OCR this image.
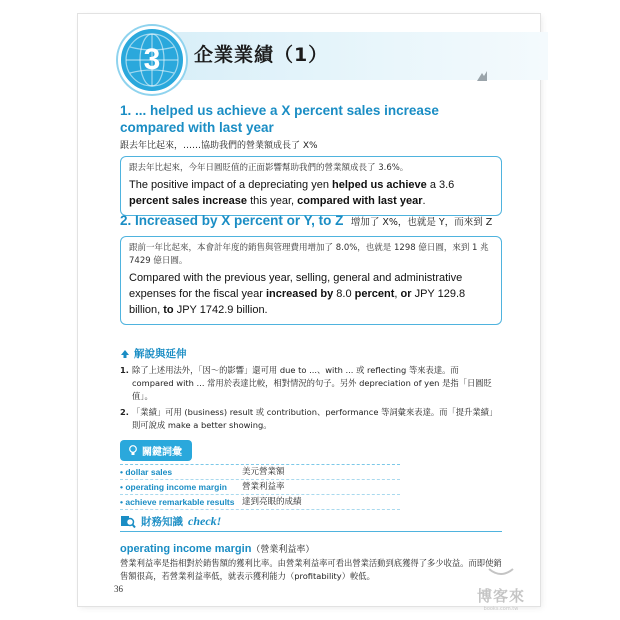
3 企業業績（1）
1. ... helped us achieve a X percent sales increase compared with last year
跟去年比起來，……協助我們的營業額成長了 X%
跟去年比起來，今年日圓貶值的正面影響幫助我們的營業額成長了 3.6%。
The positive impact of a depreciating yen helped us achieve a 3.6 percent sales increase this year, compared with last year.
2. Increased by X percent or Y, to Z 增加了 X%，也就是 Y，而來到 Z
跟前一年比起來，本會計年度的銷售與管理費用增加了 8.0%，也就是 1298 億日圓，來到 1 兆 7429 億日圓。
Compared with the previous year, selling, general and administrative expenses for the fiscal year increased by 8.0 percent, or JPY 129.8 billion, to JPY 1742.9 billion.
解說與延伸
1. 除了上述用法外，「因～的影響」還可用 due to ...、with ... 或 reflecting 等來表達。而 compared with ... 常用於表達比較，相對情況的句子。另外 depreciation of yen 是指「日圓貶值」。
2. 「業績」可用 (business) result 或 contribution、performance 等詞彙來表達。而「提升業績」則可說成 make a better showing。
關鍵詞彙
• dollar sales	美元營業額
• operating income margin	營業利益率
• achieve remarkable results 達到亮眼的成績
財務知識 check!
operating income margin（營業利益率）
營業利益率是指相對於銷售額的獲利比率。由營業利益率可看出營業活動到底獲得了多少收益。而即使銷售額很高，若營業利益率低，就表示獲利能力（profitability）較低。
36	博客來
books.com.tw
